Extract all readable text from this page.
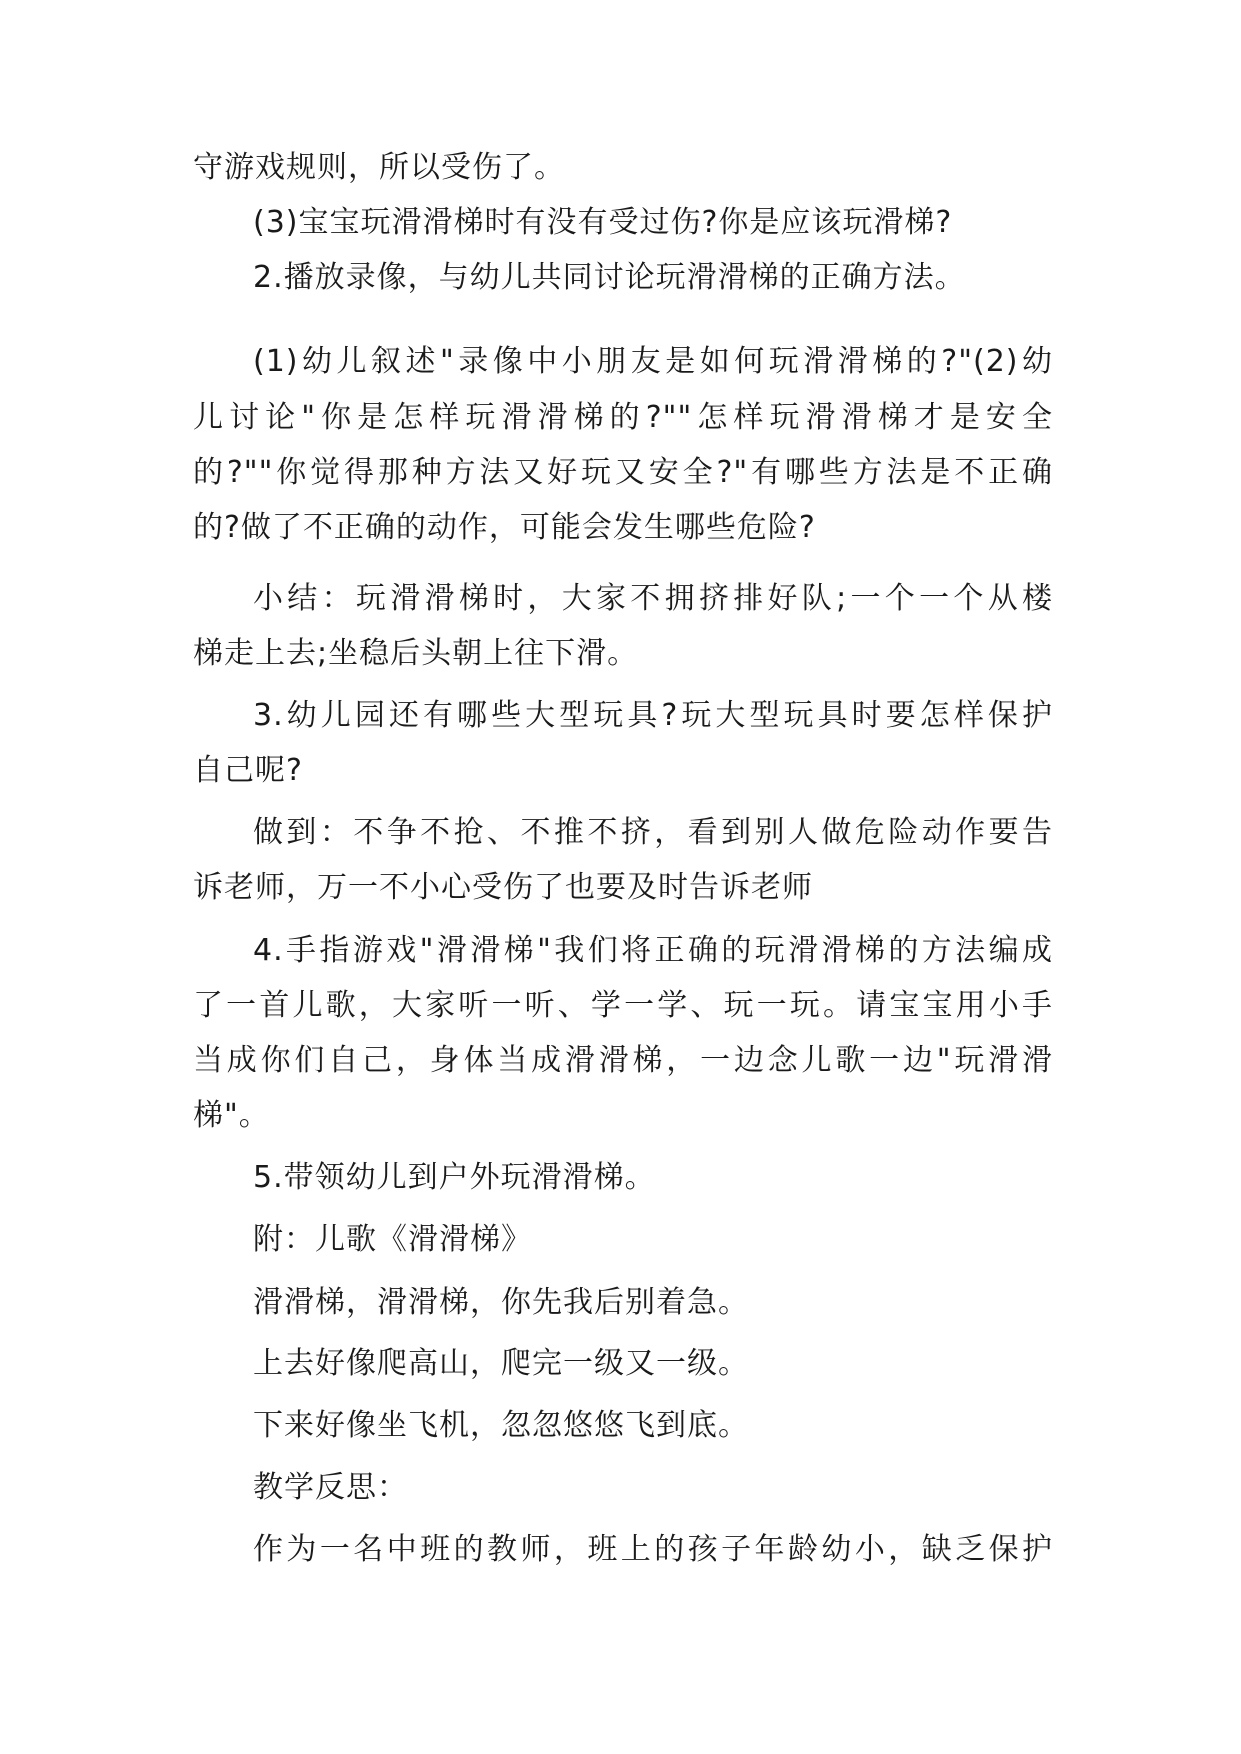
守游戏规则，所以受伤了。
(3)宝宝玩滑滑梯时有没有受过伤?你是应该玩滑梯?
2.播放录像，与幼儿共同讨论玩滑滑梯的正确方法。
(1)幼儿叙述"录像中小朋友是如何玩滑滑梯的?"(2)幼
儿讨论"你是怎样玩滑滑梯的?""怎样玩滑滑梯才是安全
的?""你觉得那种方法又好玩又安全?"有哪些方法是不正确
的?做了不正确的动作，可能会发生哪些危险?
小结：玩滑滑梯时，大家不拥挤排好队;一个一个从楼
梯走上去;坐稳后头朝上往下滑。
3.幼儿园还有哪些大型玩具?玩大型玩具时要怎样保护
自己呢?
做到：不争不抢、不推不挤，看到别人做危险动作要告
诉老师，万一不小心受伤了也要及时告诉老师
4.手指游戏"滑滑梯"我们将正确的玩滑滑梯的方法编成
了一首儿歌，大家听一听、学一学、玩一玩。请宝宝用小手
当成你们自己，身体当成滑滑梯，一边念儿歌一边"玩滑滑
梯"。
5.带领幼儿到户外玩滑滑梯。
附：儿歌《滑滑梯》
滑滑梯，滑滑梯，你先我后别着急。
上去好像爬高山，爬完一级又一级。
下来好像坐飞机，忽忽悠悠飞到底。
教学反思：
作为一名中班的教师，班上的孩子年龄幼小，缺乏保护
